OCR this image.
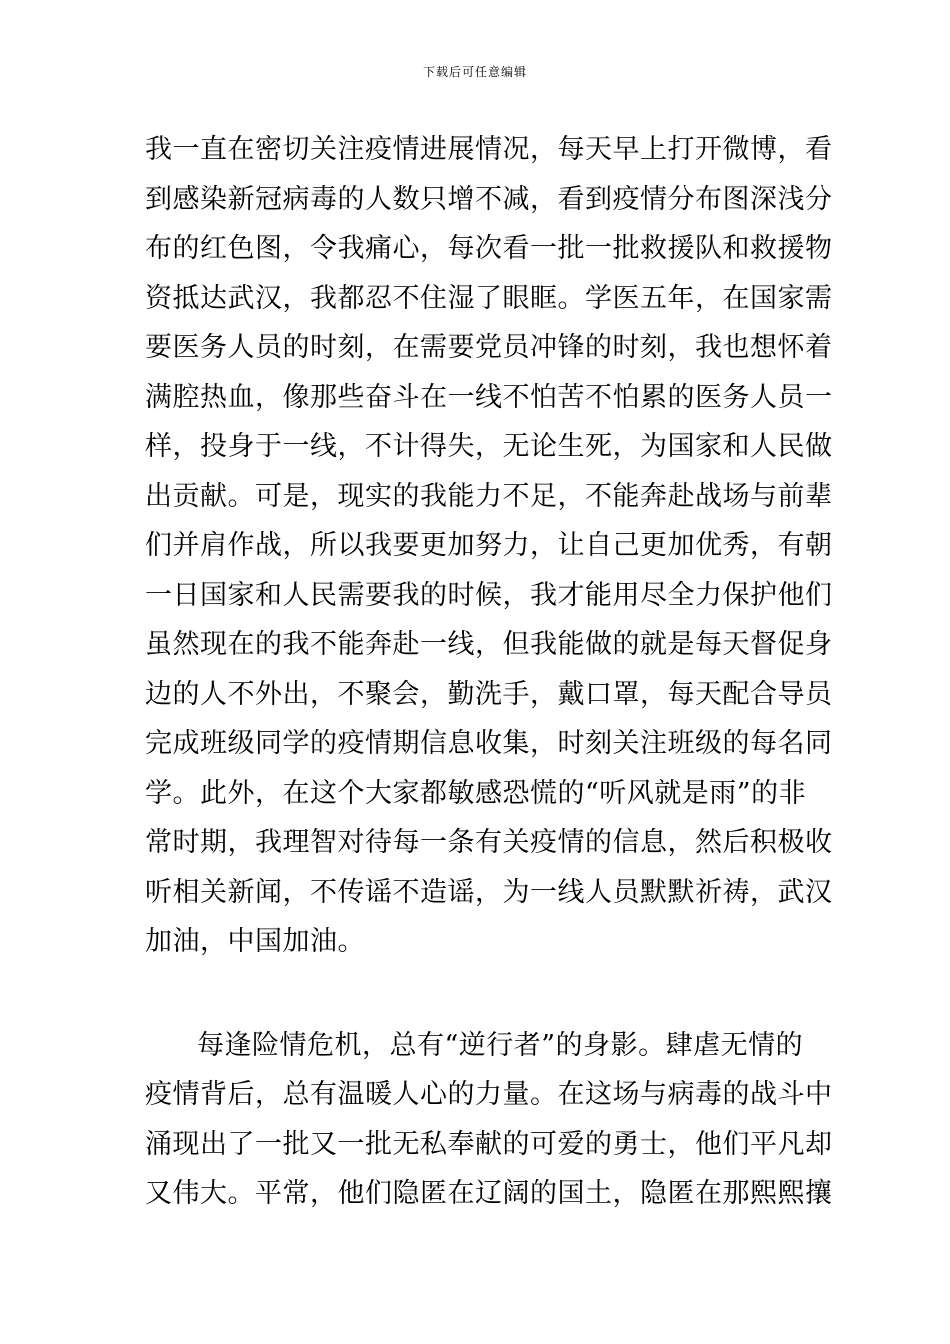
下载后可任意编辑
我一直在密切关注疫情进展情况，每天早上打开微博，看
到感染新冠病毒的人数只增不减，看到疫情分布图深浅分
布的红色图，令我痛心，每次看一批一批救援队和救援物
资抵达武汉，我都忍不住湿了眼眶。学医五年，在国家需
要医务人员的时刻，在需要党员冲锋的时刻，我也想怀着
满腔热血，像那些奋斗在一线不怕苦不怕累的医务人员一
样，投身于一线，不计得失，无论生死，为国家和人民做
出贡献。可是，现实的我能力不足，不能奔赴战场与前辈
们并肩作战，所以我要更加努力，让自己更加优秀，有朝
一日国家和人民需要我的时候，我才能用尽全力保护他们
虽然现在的我不能奔赴一线，但我能做的就是每天督促身
边的人不外出，不聚会，勤洗手，戴口罩，每天配合导员
完成班级同学的疫情期信息收集，时刻关注班级的每名同
学。此外，在这个大家都敏感恐慌的“听风就是雨”的非
常时期，我理智对待每一条有关疫情的信息，然后积极收
听相关新闻，不传谣不造谣，为一线人员默默祈祷，武汉
加油，中国加油。
每逢险情危机，总有“逆行者”的身影。肆虐无情的
疫情背后，总有温暖人心的力量。在这场与病毒的战斗中
涌现出了一批又一批无私奉献的可爱的勇士，他们平凡却
又伟大。平常，他们隐匿在辽阔的国土，隐匿在那熙熙攘
